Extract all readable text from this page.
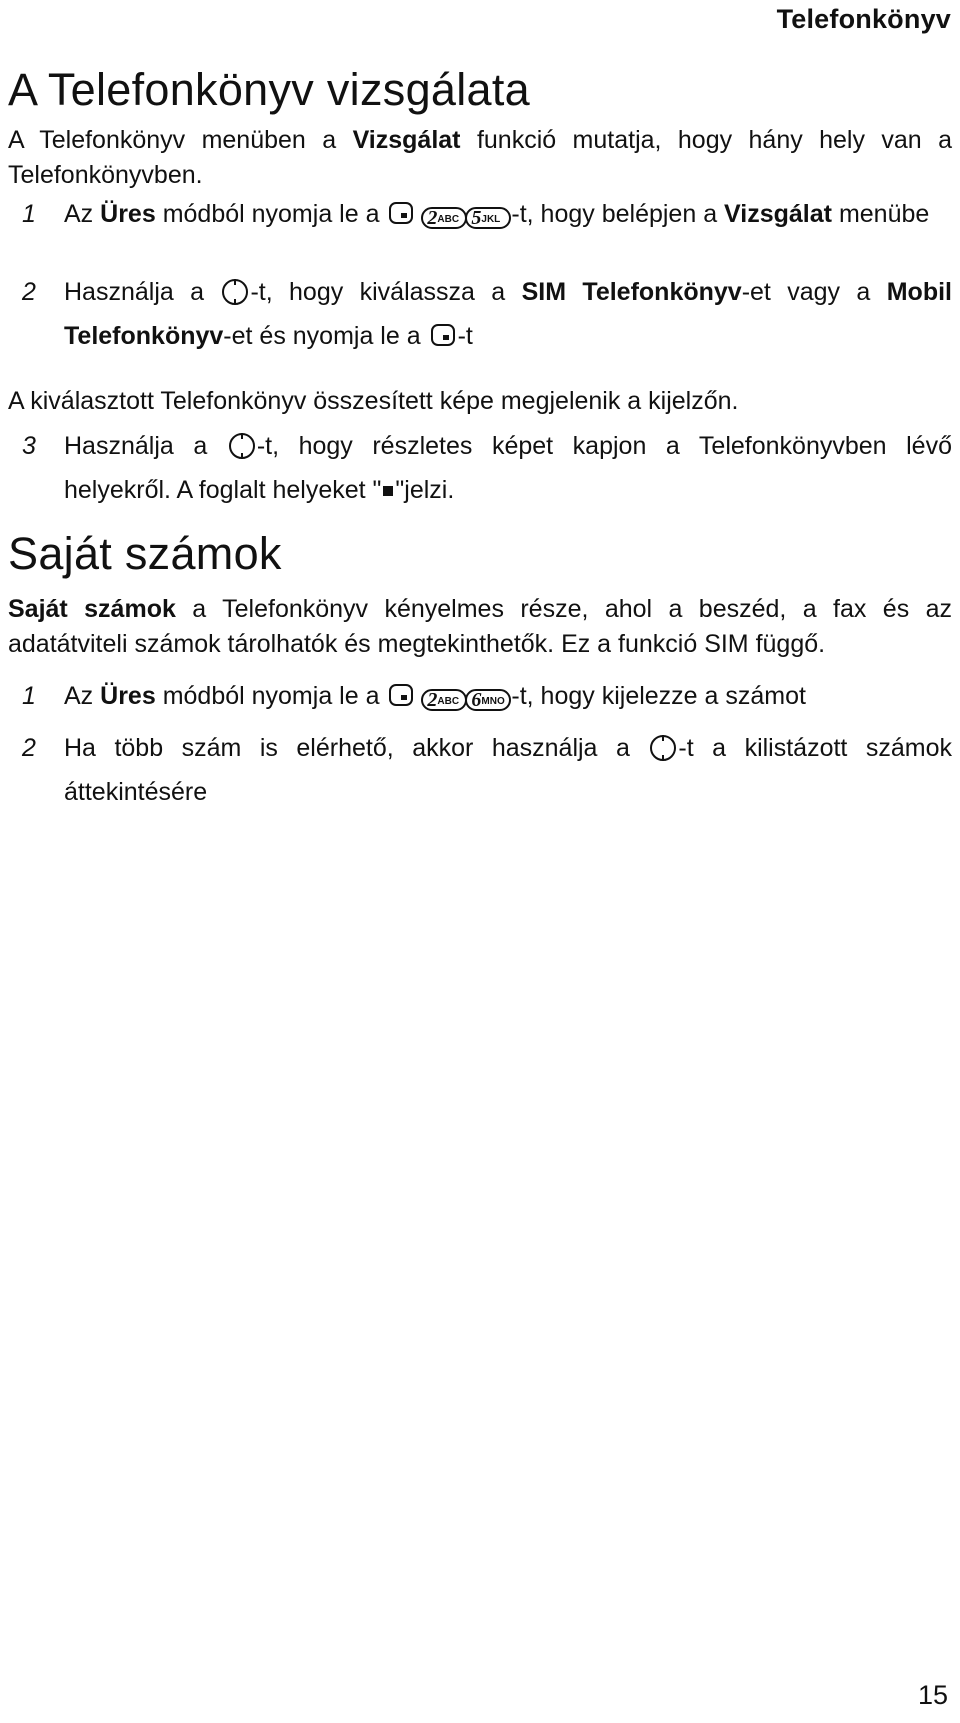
Telefonkönyv
A Telefonkönyv vizsgálata

A Telefonkönyv menüben a Vizsgálat funkció mutatja, hogy hány hely van a Telefonkönyvben.

1 Az Üres módból nyomja le a 2ABC 5JKL -t, hogy belépjen a Vizsgálat menübe
2 Használja a -t, hogy kiválassza a SIM Telefonkönyv-et vagy a Mobil Telefonkönyv-et és nyomja le a -t

A kiválasztott Telefonkönyv összesített képe megjelenik a kijelzőn.

3 Használja a -t, hogy részletes képet kapjon a Telefonkönyvben lévő helyekről. A foglalt helyeket " "jelzi.
Saját számok

Saját számok a Telefonkönyv kényelmes része, ahol a beszéd, a fax és az adatátviteli számok tárolhatók és megtekinthetők. Ez a funkció SIM függő.

1 Az Üres módból nyomja le a 2ABC 6MNO -t, hogy kijelezze a számot
2 Ha több szám is elérhető, akkor használja a -t a kilistázott számok áttekintésére
15
